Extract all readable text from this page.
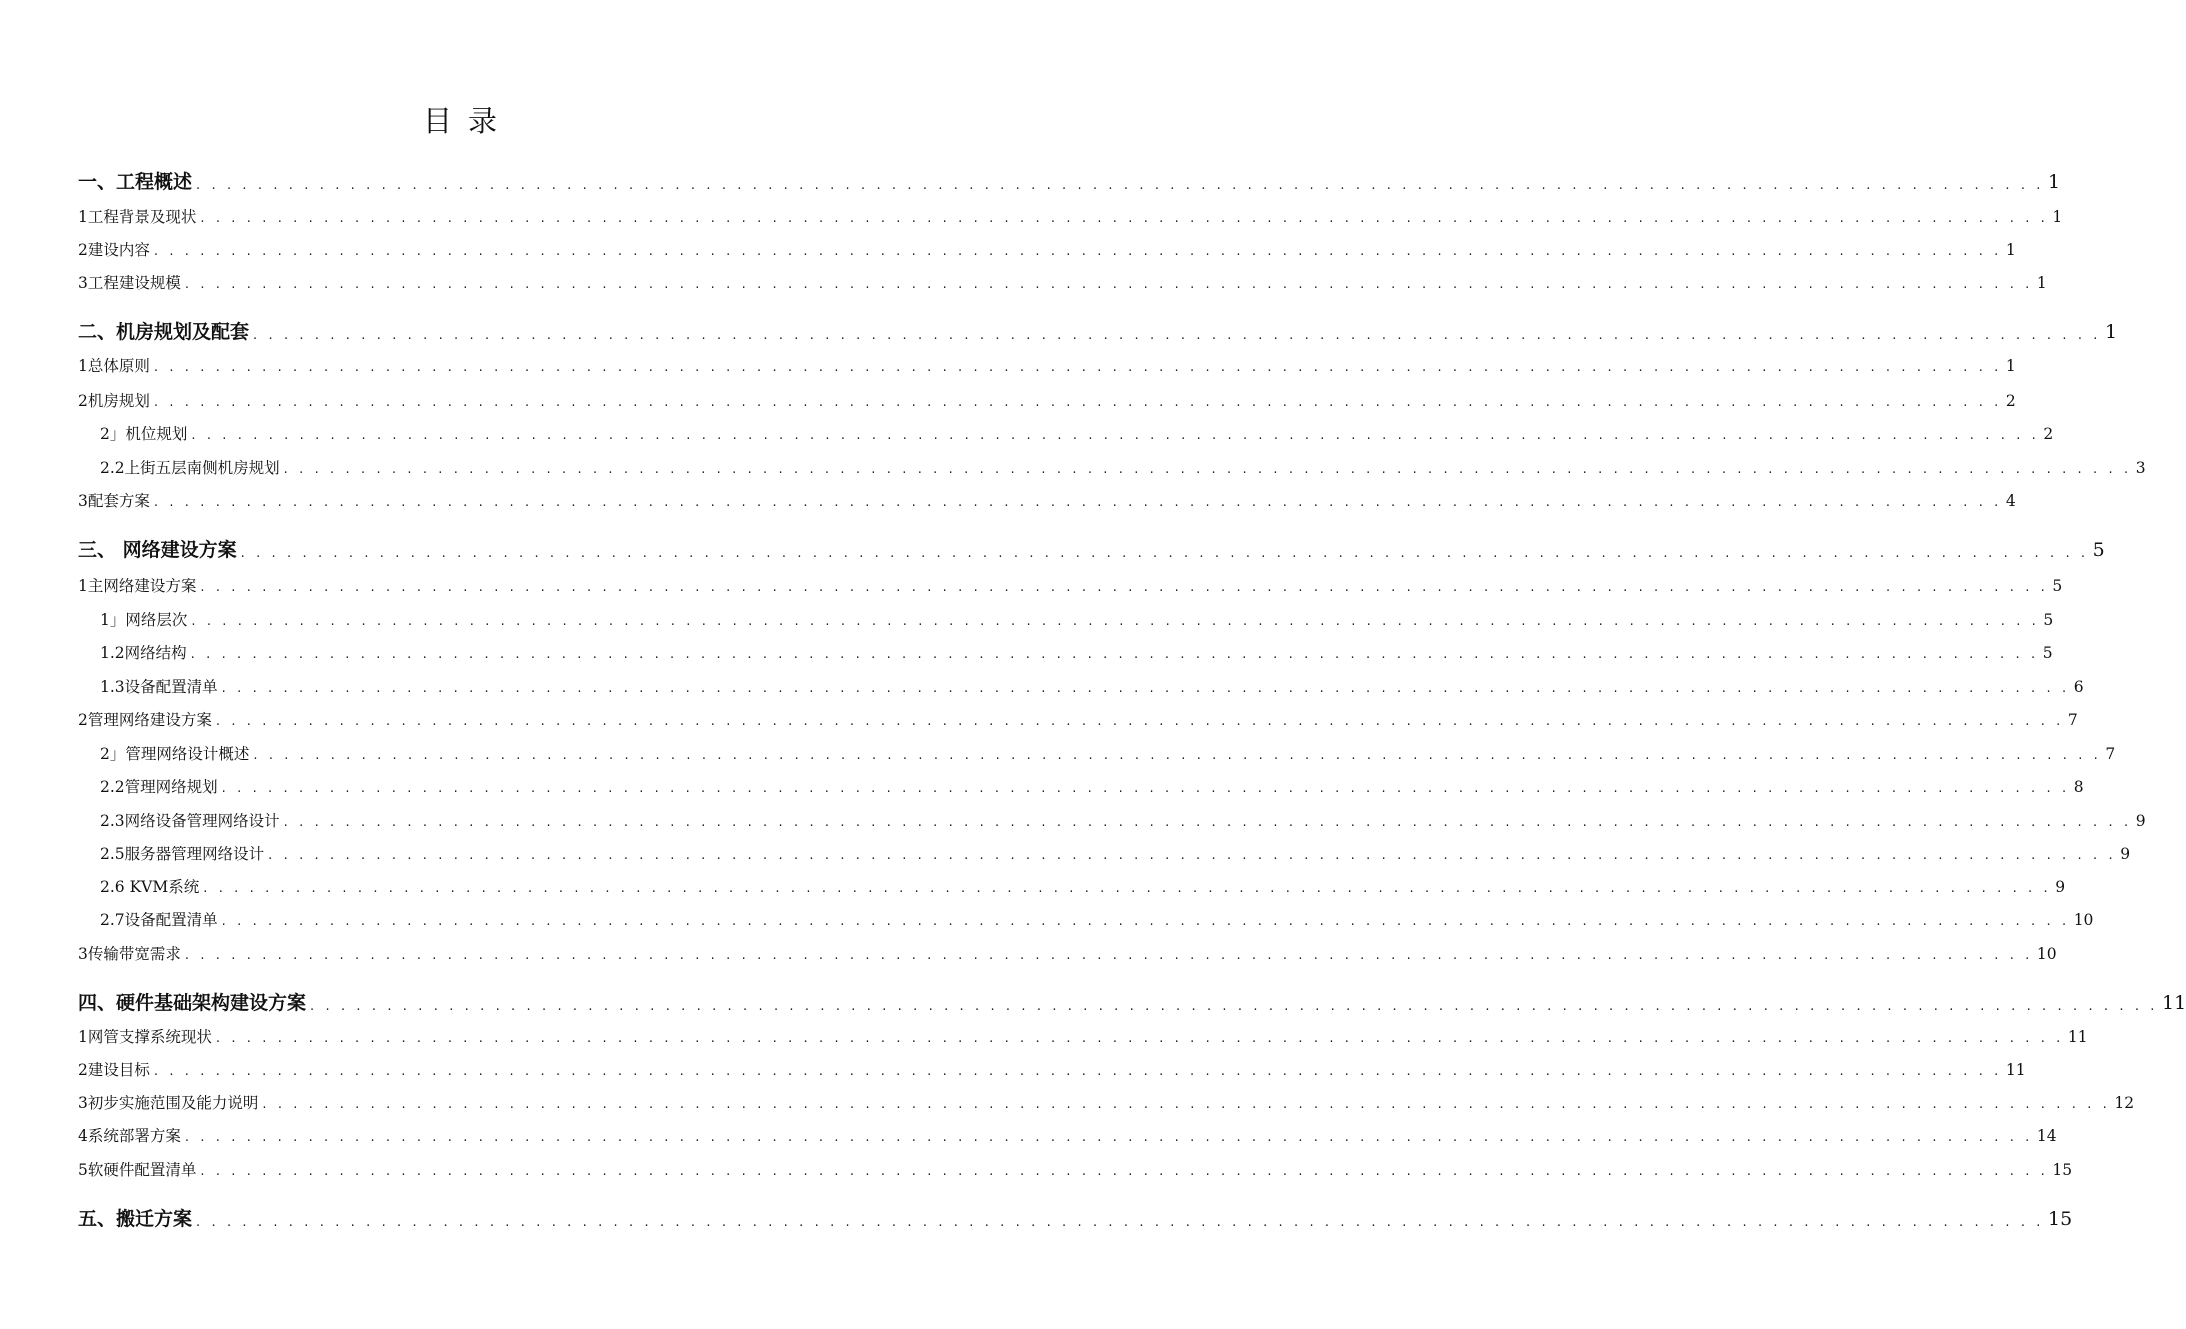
目录
一、工程概述 . . . . . . . . . . . . . . . . . . . . . . . . . . . . . . . . . . . . . . . . . . . . . . . . . . . . . . . . . . . . . . . . . . . . . . . . . . . . . . . . . . . . . . . . . . . . . . . . . . . . . . . . . . . . . . . . . . . . . . . . 1
1工程背景及现状 . . . . . . . . . . . . . . . . . . . . . . . . . . . . . . . . . . . . . . . . . . . . . . . . . . . . . . . . . . . . . . . . . . . . . . . . . . . . . . . . . . . . . . . . . . . . . . . . . . . . . . . . . . . . . . . . . . . . . . . . 1
2建设内容 . . . . . . . . . . . . . . . . . . . . . . . . . . . . . . . . . . . . . . . . . . . . . . . . . . . . . . . . . . . . . . . . . . . . . . . . . . . . . . . . . . . . . . . . . . . . . . . . . . . . . . . . . . . . . . . . . . . . . . . . 1
3工程建设规模 . . . . . . . . . . . . . . . . . . . . . . . . . . . . . . . . . . . . . . . . . . . . . . . . . . . . . . . . . . . . . . . . . . . . . . . . . . . . . . . . . . . . . . . . . . . . . . . . . . . . . . . . . . . . . . . . . . . . . . . . 1
二、机房规划及配套 . . . . . . . . . . . . . . . . . . . . . . . . . . . . . . . . . . . . . . . . . . . . . . . . . . . . . . . . . . . . . . . . . . . . . . . . . . . . . . . . . . . . . . . . . . . . . . . . . . . . . . . . . . . . . . . . . . . . . . . . 1
1总体原则 . . . . . . . . . . . . . . . . . . . . . . . . . . . . . . . . . . . . . . . . . . . . . . . . . . . . . . . . . . . . . . . . . . . . . . . . . . . . . . . . . . . . . . . . . . . . . . . . . . . . . . . . . . . . . . . . . . . . . . . . 1
2机房规划 . . . . . . . . . . . . . . . . . . . . . . . . . . . . . . . . . . . . . . . . . . . . . . . . . . . . . . . . . . . . . . . . . . . . . . . . . . . . . . . . . . . . . . . . . . . . . . . . . . . . . . . . . . . . . . . . . . . . . . . . 2
2」机位规划 . . . . . . . . . . . . . . . . . . . . . . . . . . . . . . . . . . . . . . . . . . . . . . . . . . . . . . . . . . . . . . . . . . . . . . . . . . . . . . . . . . . . . . . . . . . . . . . . . . . . . . . . . . . . . . . . . . . . . . . . 2
2.2上街五层南侧机房规划 . . . . . . . . . . . . . . . . . . . . . . . . . . . . . . . . . . . . . . . . . . . . . . . . . . . . . . . . . . . . . . . . . . . . . . . . . . . . . . . . . . . . . . . . . . . . . . . . . . . . . . . . . . . . . . . . . . . . . . . . 3
3配套方案 . . . . . . . . . . . . . . . . . . . . . . . . . . . . . . . . . . . . . . . . . . . . . . . . . . . . . . . . . . . . . . . . . . . . . . . . . . . . . . . . . . . . . . . . . . . . . . . . . . . . . . . . . . . . . . . . . . . . . . . . 4
三、 网络建设方案 . . . . . . . . . . . . . . . . . . . . . . . . . . . . . . . . . . . . . . . . . . . . . . . . . . . . . . . . . . . . . . . . . . . . . . . . . . . . . . . . . . . . . . . . . . . . . . . . . . . . . . . . . . . . . . . . . . . . . . . . 5
1主网络建设方案 . . . . . . . . . . . . . . . . . . . . . . . . . . . . . . . . . . . . . . . . . . . . . . . . . . . . . . . . . . . . . . . . . . . . . . . . . . . . . . . . . . . . . . . . . . . . . . . . . . . . . . . . . . . . . . . . . . . . . . . . 5
1」网络层次 . . . . . . . . . . . . . . . . . . . . . . . . . . . . . . . . . . . . . . . . . . . . . . . . . . . . . . . . . . . . . . . . . . . . . . . . . . . . . . . . . . . . . . . . . . . . . . . . . . . . . . . . . . . . . . . . . . . . . . . . 5
1.2网络结构 . . . . . . . . . . . . . . . . . . . . . . . . . . . . . . . . . . . . . . . . . . . . . . . . . . . . . . . . . . . . . . . . . . . . . . . . . . . . . . . . . . . . . . . . . . . . . . . . . . . . . . . . . . . . . . . . . . . . . . . . 5
1.3设备配置清单 . . . . . . . . . . . . . . . . . . . . . . . . . . . . . . . . . . . . . . . . . . . . . . . . . . . . . . . . . . . . . . . . . . . . . . . . . . . . . . . . . . . . . . . . . . . . . . . . . . . . . . . . . . . . . . . . . . . . . . . . 6
2管理网络建设方案 . . . . . . . . . . . . . . . . . . . . . . . . . . . . . . . . . . . . . . . . . . . . . . . . . . . . . . . . . . . . . . . . . . . . . . . . . . . . . . . . . . . . . . . . . . . . . . . . . . . . . . . . . . . . . . . . . . . . . . . . 7
2」管理网络设计概述 . . . . . . . . . . . . . . . . . . . . . . . . . . . . . . . . . . . . . . . . . . . . . . . . . . . . . . . . . . . . . . . . . . . . . . . . . . . . . . . . . . . . . . . . . . . . . . . . . . . . . . . . . . . . . . . . . . . . . . . . 7
2.2管理网络规划 . . . . . . . . . . . . . . . . . . . . . . . . . . . . . . . . . . . . . . . . . . . . . . . . . . . . . . . . . . . . . . . . . . . . . . . . . . . . . . . . . . . . . . . . . . . . . . . . . . . . . . . . . . . . . . . . . . . . . . . . 8
2.3网络设备管理网络设计 . . . . . . . . . . . . . . . . . . . . . . . . . . . . . . . . . . . . . . . . . . . . . . . . . . . . . . . . . . . . . . . . . . . . . . . . . . . . . . . . . . . . . . . . . . . . . . . . . . . . . . . . . . . . . . . . . . . . . . . . 9
2.5服务器管理网络设计 . . . . . . . . . . . . . . . . . . . . . . . . . . . . . . . . . . . . . . . . . . . . . . . . . . . . . . . . . . . . . . . . . . . . . . . . . . . . . . . . . . . . . . . . . . . . . . . . . . . . . . . . . . . . . . . . . . . . . . . . 9
2.6 KVM系统 . . . . . . . . . . . . . . . . . . . . . . . . . . . . . . . . . . . . . . . . . . . . . . . . . . . . . . . . . . . . . . . . . . . . . . . . . . . . . . . . . . . . . . . . . . . . . . . . . . . . . . . . . . . . . . . . . . . . . . . . 9
2.7设备配置清单 . . . . . . . . . . . . . . . . . . . . . . . . . . . . . . . . . . . . . . . . . . . . . . . . . . . . . . . . . . . . . . . . . . . . . . . . . . . . . . . . . . . . . . . . . . . . . . . . . . . . . . . . . . . . . . . . . . . . . . . . 10
3传输带宽需求 . . . . . . . . . . . . . . . . . . . . . . . . . . . . . . . . . . . . . . . . . . . . . . . . . . . . . . . . . . . . . . . . . . . . . . . . . . . . . . . . . . . . . . . . . . . . . . . . . . . . . . . . . . . . . . . . . . . . . . . . 10
四、硬件基础架构建设方案 . . . . . . . . . . . . . . . . . . . . . . . . . . . . . . . . . . . . . . . . . . . . . . . . . . . . . . . . . . . . . . . . . . . . . . . . . . . . . . . . . . . . . . . . . . . . . . . . . . . . . . . . . . . . . . . . . . . . . . . . 11
1网管支撑系统现状 . . . . . . . . . . . . . . . . . . . . . . . . . . . . . . . . . . . . . . . . . . . . . . . . . . . . . . . . . . . . . . . . . . . . . . . . . . . . . . . . . . . . . . . . . . . . . . . . . . . . . . . . . . . . . . . . . . . . . . . . 11
2建设目标 . . . . . . . . . . . . . . . . . . . . . . . . . . . . . . . . . . . . . . . . . . . . . . . . . . . . . . . . . . . . . . . . . . . . . . . . . . . . . . . . . . . . . . . . . . . . . . . . . . . . . . . . . . . . . . . . . . . . . . . . 11
3初步实施范围及能力说明 . . . . . . . . . . . . . . . . . . . . . . . . . . . . . . . . . . . . . . . . . . . . . . . . . . . . . . . . . . . . . . . . . . . . . . . . . . . . . . . . . . . . . . . . . . . . . . . . . . . . . . . . . . . . . . . . . . . . . . . . 12
4系统部署方案 . . . . . . . . . . . . . . . . . . . . . . . . . . . . . . . . . . . . . . . . . . . . . . . . . . . . . . . . . . . . . . . . . . . . . . . . . . . . . . . . . . . . . . . . . . . . . . . . . . . . . . . . . . . . . . . . . . . . . . . . 14
5软硬件配置清单 . . . . . . . . . . . . . . . . . . . . . . . . . . . . . . . . . . . . . . . . . . . . . . . . . . . . . . . . . . . . . . . . . . . . . . . . . . . . . . . . . . . . . . . . . . . . . . . . . . . . . . . . . . . . . . . . . . . . . . . . 15
五、搬迁方案 . . . . . . . . . . . . . . . . . . . . . . . . . . . . . . . . . . . . . . . . . . . . . . . . . . . . . . . . . . . . . . . . . . . . . . . . . . . . . . . . . . . . . . . . . . . . . . . . . . . . . . . . . . . . . . . . . . . . . . . . 15
